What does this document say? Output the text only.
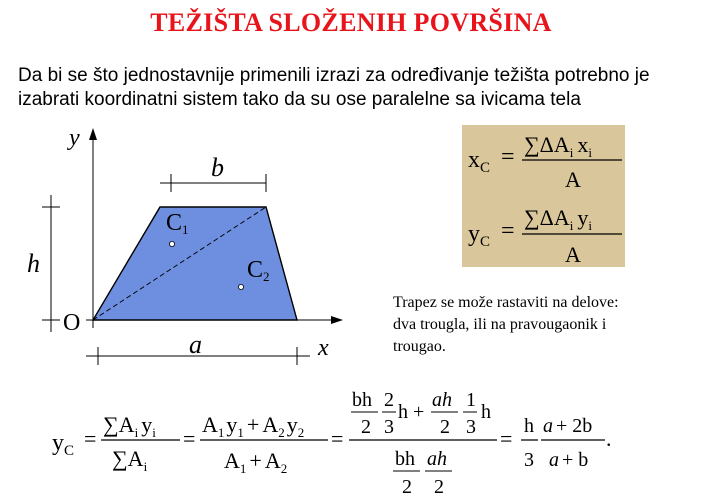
TEŽIŠTA SLOŽENIH POVRŠINA

Da bi se što jednostavnije primenili izrazi za određivanje težišta potrebno je

izabrati koordinatni sistem tako da su ose paralelne sa ivicama tela

Trapez se može rastaviti na delove:

dva trougla, ili na pravougaonik i

trougao.

y
x
O
h
b
a
C1
C2
$x_C = \sum\Delta A_i$ $x_i$
A
$y_C$ =
$\sum\Delta A_i$ $y_i$
A
$y_C$ =
$\sum A_i$ $y_i$
$\sum A_i$
=
$A_1y_1 + A_2y_2$
$A_1 + A_2$
=
bh
2
2
3
h +
ah
2
1
3
h
bh
2
ah
2
= h
3
a + 2b
a + b
.
